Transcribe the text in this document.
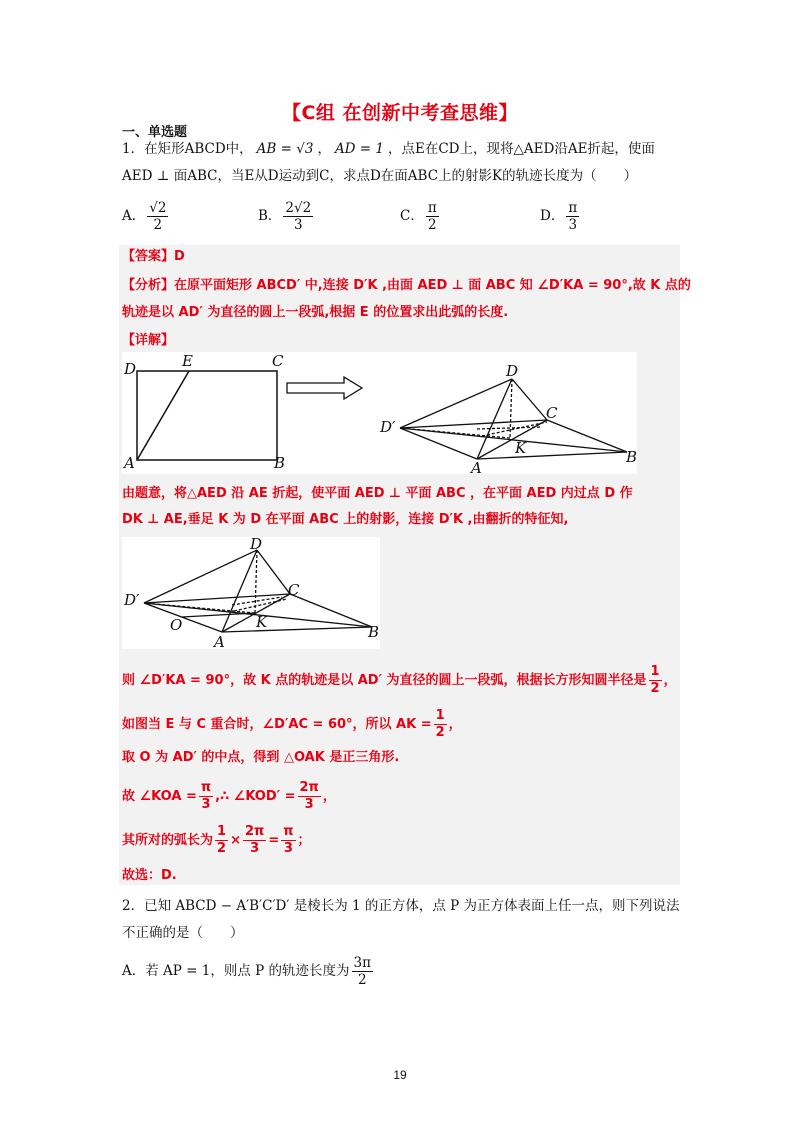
【C组 在创新中考查思维】
一、单选题
1．在矩形ABCD中， AB = √3 ， AD = 1 ，点E在CD上，现将△AED沿AE折起，使面
AED ⊥ 面ABC，当E从D运动到C，求点D在面ABC上的射影K的轨迹长度为（　　）
A． $\frac{√2}{2}$	B． $\frac{2√2}{3}$	C． $\frac{\pi}{2}$	D． $\frac{\pi}{3}$
【答案】D
【分析】在原平面矩形 ABCD′ 中,连接 D′K ,由面 AED ⊥ 面 ABC 知 ∠D′KA = 90°,故 K 点的
轨迹是以 AD′ 为直径的圆上一段弧,根据 E 的位置求出此弧的长度.
【详解】
D	E	C
A	B
D
D′
C
K
A
B
由题意，将△AED 沿 AE 折起，使平面 AED ⊥ 平面 ABC ，在平面 AED 内过点 D 作
DK ⊥ AE,垂足 K 为 D 在平面 ABC 上的射影，连接 D′K ,由翻折的特征知,
D
D′
C
K
O
A
B
则 ∠D′KA = 90°，故 K 点的轨迹是以 AD′ 为直径的圆上一段弧，根据长方形知圆半径是 $\frac{1}{2}$ ，
如图当 E 与 C 重合时，∠D′AC = 60°，所以 AK = $\frac{1}{2}$ ，
取 O 为 AD′ 的中点，得到 △OAK 是正三角形.
故 ∠KOA = $\frac{\pi}{3}$ ,∴ ∠KOD′ = $\frac{2\pi}{3}$ ，
其所对的弧长为 $\frac{1}{2} \times \frac{2\pi}{3} = \frac{\pi}{3}$ ；
故选：D.
2．已知 ABCD − A′B′C′D′ 是棱长为 1 的正方体，点 P 为正方体表面上任一点，则下列说法
不正确的是（　　）
A．若 AP = 1，则点 P 的轨迹长度为 $\frac{3\pi}{2}$
19
